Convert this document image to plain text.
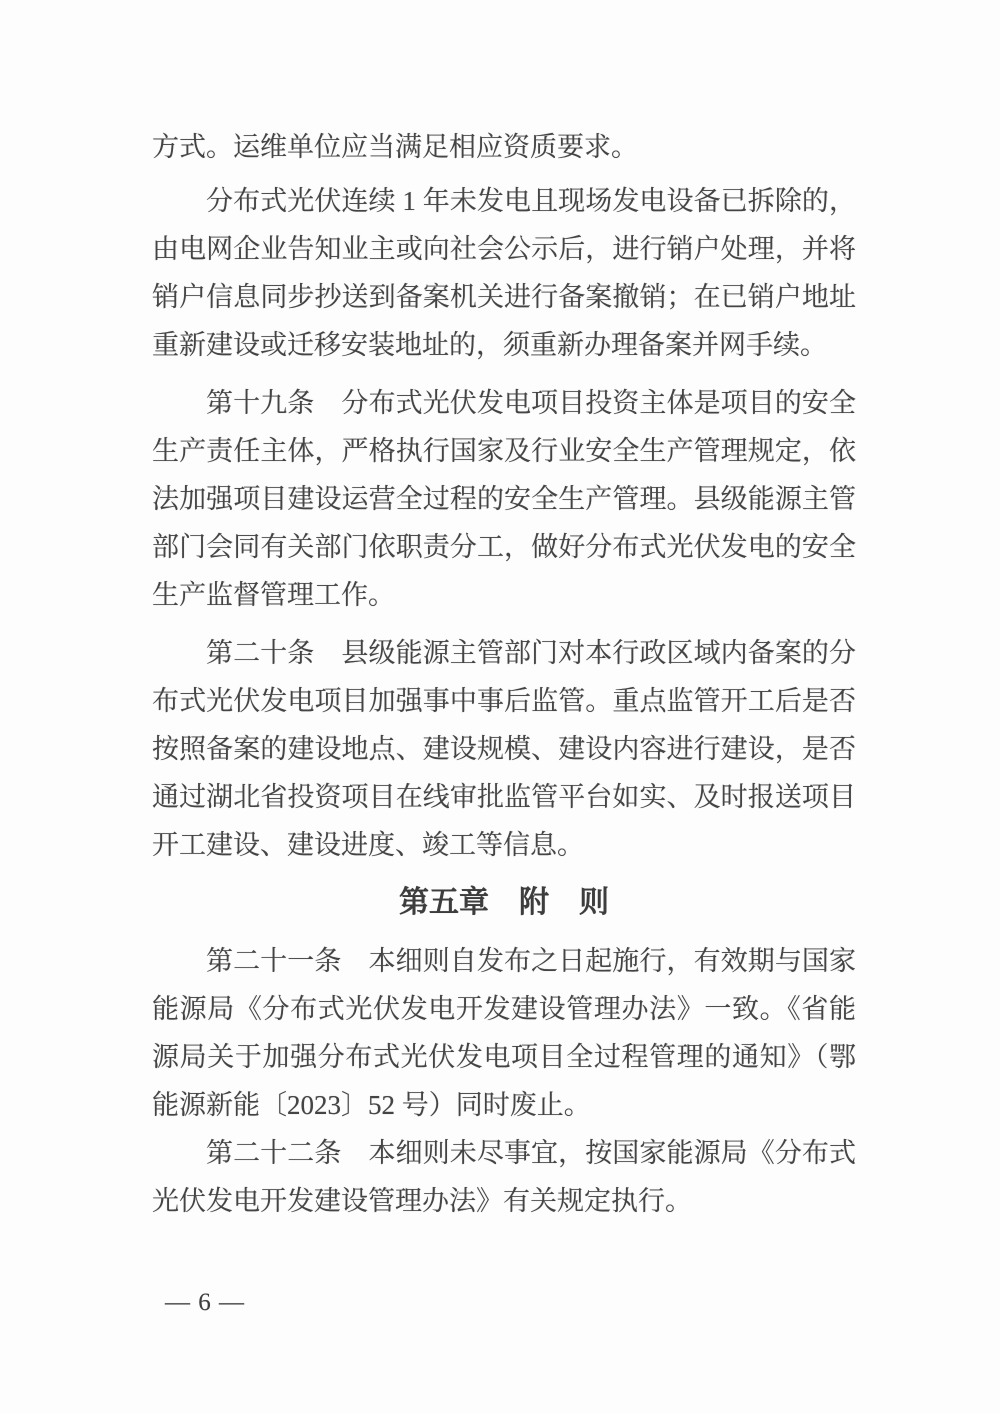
方式。运维单位应当满足相应资质要求。

分布式光伏连续 1 年未发电且现场发电设备已拆除的，由电网企业告知业主或向社会公示后，进行销户处理，并将销户信息同步抄送到备案机关进行备案撤销；在已销户地址重新建设或迁移安装地址的，须重新办理备案并网手续。

第十九条　分布式光伏发电项目投资主体是项目的安全生产责任主体，严格执行国家及行业安全生产管理规定，依法加强项目建设运营全过程的安全生产管理。县级能源主管部门会同有关部门依职责分工，做好分布式光伏发电的安全生产监督管理工作。

第二十条　县级能源主管部门对本行政区域内备案的分布式光伏发电项目加强事中事后监管。重点监管开工后是否按照备案的建设地点、建设规模、建设内容进行建设，是否通过湖北省投资项目在线审批监管平台如实、及时报送项目开工建设、建设进度、竣工等信息。

第五章　附　则

第二十一条　本细则自发布之日起施行，有效期与国家能源局《分布式光伏发电开发建设管理办法》一致。《省能源局关于加强分布式光伏发电项目全过程管理的通知》（鄂能源新能〔2023〕52 号）同时废止。

第二十二条　本细则未尽事宜，按国家能源局《分布式光伏发电开发建设管理办法》有关规定执行。

— 6 —
